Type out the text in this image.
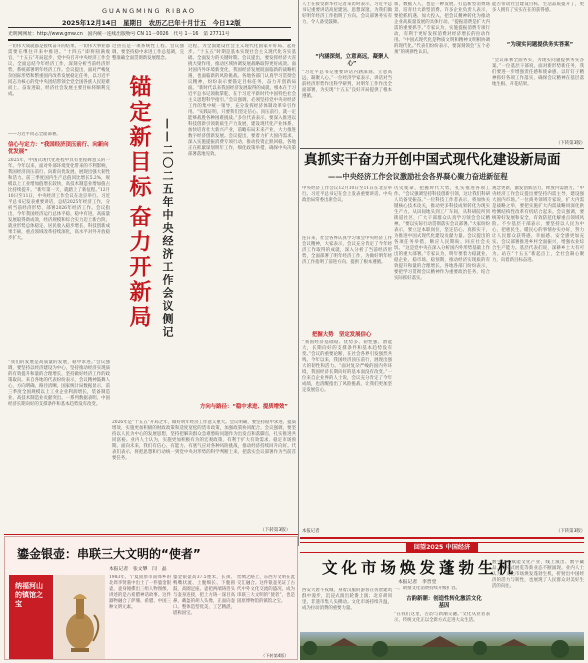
GUANGMING RIBAO
2025年12月14日　星期日　农历乙巳年十月廿五　今日12版
光明网网址：http://www.gmw.cn　国内统一连续出版物号 CN 11－0026　代号 1－16　第 27711号
一切伟大成就都是接续奋斗的结果，一切伟大事业都需要在继往开来中推进。“十四五”即将圆满收官，“十五五”开局起步，党中央召开中央经济工作会议，全面总结今年经济工作，深刻分析当前经济形势，系统部署明年经济工作。会议提出，面对严峻复杂国际形势和繁重国内改革发展稳定任务，以习近平同志为核心的党中央团结带领全党全国各族人民迎难而上、奋发进取，经济社会发展主要目标将顺利完成。
——习近平同志全面部署。
信心与定力：“我国经济顶压前行、向新向优发展”
2025年，中国式现代化进程中具有里程碑意义的一年。今年以来，面对外部环境变化带来的不利影响，我国经济顶压前行、向新向优发展，展现出强大韧性和活力。前三季度国内生产总值同比增长5.2%，规模以上工业增加值增长较快，高技术制造业增加值占比持续提升。“新年第一天，就踏上了新征程。”12月10日至11日，中央经济工作会议在北京举行。习近平总书记发表重要讲话，总结2025年经济工作，分析当前经济形势，部署2026年经济工作。会议指出，今年我国经济运行总体平稳、稳中有进，高质量发展取得新成效，经济规模和综合实力迈上新台阶。就业形势总体稳定，居民收入稳步增长，科技创新成果丰硕，重点领域改革持续深化，高水平对外开放稳步扩大。
“我们的发展是高质量的发展，稳中求进。”会议强调，要坚持以经济建设为中心，坚持推动经济实现质的有效提升和量的合理增长，坚持做好经济工作的政策取向。来自各地的代表纷纷表示，会议精神鼓舞人心，方向明确、路径清晰。国家统计局数据显示，前三季度全国规模以上工业企业利润增长，装备制造业、高技术制造业贡献突出。一系列数据表明，中国经济长期向好的支撑条件和基本趋势没有改变。
过热点是一项系统性工程。会议强调，要坚持稳中求进工作总基调，完整准确全面贯彻新发展理念。
锚定新目标
奋力开新局 ——二〇二五年中央经济工作会议侧记
过程，为全面建设社会主义现代化国家开好局、起好步。“十五五”时期是基本实现社会主义现代化夯实基础、全面发力的关键时期。会议提出，要发挥经济大省挑大梁作用，推动区域协调发展战略取得更好成效。面对国内外环境新变化，我国经济发展既面临新的战略机遇，也面临新的风险挑战。各地各部门认真学习贯彻会议精神，纷纷表示要锚定目标任务，奋力开创新局面。“新时代以来我国经济发展取得的成就，根本在于习近平总书记领航掌舵，在于习近平新时代中国特色社会主义思想科学指引。”会议强调，必须坚持党中央对经济工作的集中统一领导，充分发挥经济体制改革牵引作用。“实践证明，只要我们坚定信心、顶压前行，就一定能够战胜各种困难挑战。”多位代表表示，要深入推进以科技创新引领新质生产力发展，建设现代化产业体系，加快培育壮大新兴产业，前瞻布局未来产业，大力推进数字经济创新发展。会议提出，要着力扩大国内需求，深入实施提振消费专项行动，推动投资止跌回稳。各地正在抓紧谋划明年工作，细化政策举措，确保中央决策部署落地见效。
方向与路径：“稳中求进、提质增效”
2026年是“十五五”开局之年，做好明年经济工作意义重大。会议明确，要坚持稳中求进、提质增效，实施更加积极的财政政策和适度宽松的货币政策，加强政策协同配合。会议强调，要坚持以人民为中心的发展思想，坚持把解决群众急难愁盼问题作为出发点和落脚点，扎实推进共同富裕。业内人士认为，实施更加积极有为的宏观政策，有利于扩大有效需求、稳定市场预期。面向未来，我们有信心、有能力、有底气应对各种风险挑战，推动经济持续回升向好。代表们表示，将把思想和行动统一到党中央对形势的科学判断上来，把落实会议部署作为当前首要任务。
（下转第3版）
人士在接受新华社记者采访时表示，习近平总书记重要讲话高屋建瓴、思想深邃，为我们做好明年经济工作指明了方向。会议部署务实有力，令人备受鼓舞。
“内涵深刻，立意高远，凝聚人心”
“习近平总书记重要讲话内涵深刻、立意高远，凝聚人心。”一位经济学家表示，讲话对当前经济形势作出科学研判，对明年工作作出全面部署，为实现“十五五”良好开局提供了根本遵循。
加，数据人人，也是一种发展，打造新型消费场景，培育壮大新型消费。许多企业负责人表示，要抢抓机遇、加大投入，把会议精神转化为推动企业高质量发展的具体行动。“提振消费是扩大内需的重要抓手。”专家认为，实施提振消费专项行动，有利于更好发挥消费对经济增长的拉动作用。“中国式现代化是物质文明和精神文明相协调的现代化。”代表们纷纷表示，要深刻领会“五个必须”的规律性认识。
能否带动社会建设目标，生活品质提升了，更多人拥有了实实在在的获得感。
“为现实问题提供务实答案”
“会议部署全面务实，为现实问题提供务实答案。”一位基层干部说，面对新形势新任务，我们要进一步增强责任感和使命感，以钉钉子精神抓好各项工作落实，确保会议精神在基层落地生根、开花结果。
（下转第3版）
真抓实干奋力开创中国式现代化建设新局面
——中央经济工作会议激励社会各界凝心聚力奋进新征程
中央经济工作会议12月10日至11日在北京举行。习近平总书记在会上发表重要讲话。中央政治局常委出席会议。
连日来，社会各界认真学习领会中央经济工作会议精神，大家表示，会议充分肯定了今年经济工作取得的成就，深入分析了当前经济形势，全面部署了明年经济工作，为做好明年经济工作指明了前进方向、提供了根本遵循。
把握大势　坚定发展信心
“我国经济基础稳、优势多、韧性强、潜能大，长期向好的支撑条件和基本趋势没有变。”会议的重要论断，在社会各界引发强烈共鸣。今年以来，我国经济顶压前行，展现出强大的韧性和活力。“面对复杂严峻的国内外环境，我国经济长期向好的基本面没有改变。”一位来自企业界的人士说，会议充分肯定了今年成绩，也清醒指出了风险挑战，让我们更加坚定发展信心。
历史使命，把握时代大势，扎实推进各项工作。“会议强调坚持科技创新引领，这让我们科研人员备受振奋。”一位科技工作者表示，将加快关键核心技术攻关，推动更多科技成果转化为现实生产力。从田间地头到工厂车间，从科研院所到街道社区，广大干部群众认真学习领会会议精神。“要以实际行动贯彻落实会议部署。”大家纷纷表示，要立足本职岗位，坚定信心、真抓实干，为推进中国式现代化建设贡献力量。会议提出的各项任务举措，顺应人民期盼、回应社会关切。“这是党中央在深入分析国内外形势基础上作出的重大部署。”专家认为，明年要着力稳就业、稳企业、稳市场、稳预期，推动经济实现质的有效提升和量的合理增长。各地各部门纷纷表示，要把学习贯彻会议精神作为重要政治任务，结合实际抓好落实。
观念更新，激发创新活力，释放内需潜力。“中央经济工作会议提出要坚持内需主导，建设强大国内市场。”一位商务领域专家说，扩大内需是战略之举，要把实施扩大内需战略同深化供给侧结构性改革有机结合起来。会议强调，要统筹好发展和安全，有效防范化解重点领域风险。不少基层干部表示，要坚持以人民为中心，把惠民生、暖民心的事情办实办好，努力让人民群众获得感、幸福感、安全感更加充实。会议部署推进乡村全面振兴，增强农业综合生产能力。基层代表们说，深耕乡土大有可为。站在“十五五”新起点上，全社会凝心聚力，向着新目标奋进。
本报记者	（下转第3版）
回望2025 中国经济
文化市场焕发蓬勃生机
本报记者　李晋堂
西安大唐不夜城，身着汉服的游客在仿唐建筑群中漫步，沉浸式演出轮番上演；北京胡同里，非遗市集人头攒动。文化市场持续升温，成为拉动消费的重要力量。
二，助推文化消费持续升级扩容。
古韵新潮：创造性转化激活文化基因
“在我们这里，古韵与新潮交融。”文化从业者表示，传统文化正以全新方式走进大众生活。
数字技术赋能文化产业，线上演出、数字藏品、沉浸式展览等新业态不断涌现。业内人士认为，文化市场焕发蓬勃生机，折射出中国经济的活力与韧性，也展现了人民群众对美好生活的向往。
鎏金银壶：串联三大文明的“使者”
本报记者　张文攀　闫　晶
纳福河山的镇馆之宝
1983年，宁夏固原市南郊乡的北周李贤墓中出土了一件鎏金银壶，壶身锤揲出三组人物图像，讲述的是古希腊神话故事。这件器物融合了萨珊、希腊、中国三种文明元素。
鎏金银壶高37.5厘米，长颈、鸭嘴状流、上腹细长、下腹圆鼓，高圈足座。壶把两端铸兽头与壶身连接，把上方铸一深目高鼻、戴盔的胡人头像，正面向壶口。整体造型优美，工艺精湛，堪称国宝。
丝绸之路上，东西方文明在此交汇融合。这件银壶见证了古代中外文化交流的盛况，成为串联三大文明的“使者”，也是固原博物馆的镇馆之宝。
（下转第4版）
